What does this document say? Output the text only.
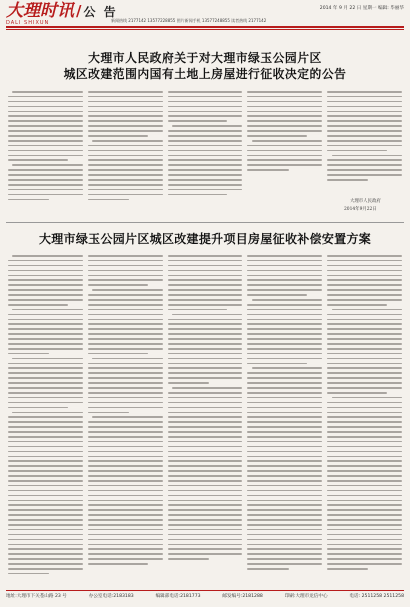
大理时讯 / 公 告
DALI SHIXUN	新闻热线 2177142 13577228855 图片新闻手机 13577248855 读者热线 2177142
2014 年 9 月 22 日 星期一 编辑: 毕丽华
大理市人民政府关于对大理市绿玉公园片区
城区改建范围内国有土地上房屋进行征收决定的公告
大理市人民政府
2014年9月22日
大理市绿玉公园片区城区改建提升项目房屋征收补偿安置方案
地址:大理市下关苍山路 23 号	办公室电话:2183183	编辑部电话:2181773	邮发编号:2181288	印刷:大理市龙信中心	电话: 2511258 2511258
